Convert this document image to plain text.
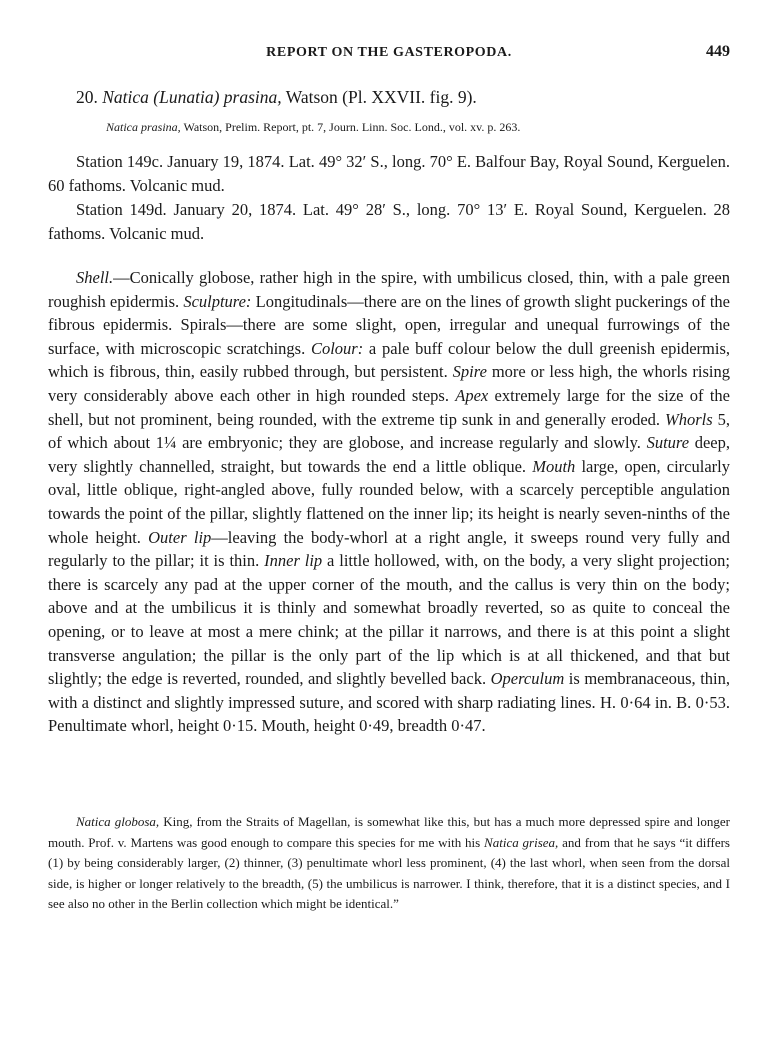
REPORT ON THE GASTEROPODA.	449
20. Natica (Lunatia) prasina, Watson (Pl. XXVII. fig. 9).
Natica prasina, Watson, Prelim. Report, pt. 7, Journ. Linn. Soc. Lond., vol. xv. p. 263.

Station 149c. January 19, 1874. Lat. 49° 32′ S., long. 70° E. Balfour Bay, Royal Sound, Kerguelen. 60 fathoms. Volcanic mud.

Station 149d. January 20, 1874. Lat. 49° 28′ S., long. 70° 13′ E. Royal Sound, Kerguelen. 28 fathoms. Volcanic mud.

Shell.—Conically globose, rather high in the spire, with umbilicus closed, thin, with a pale green roughish epidermis. Sculpture: Longitudinals—there are on the lines of growth slight puckerings of the fibrous epidermis. Spirals—there are some slight, open, irregular and unequal furrowings of the surface, with microscopic scratchings. Colour: a pale buff colour below the dull greenish epidermis, which is fibrous, thin, easily rubbed through, but persistent. Spire more or less high, the whorls rising very considerably above each other in high rounded steps. Apex extremely large for the size of the shell, but not prominent, being rounded, with the extreme tip sunk in and generally eroded. Whorls 5, of which about 1¼ are embryonic; they are globose, and increase regularly and slowly. Suture deep, very slightly channelled, straight, but towards the end a little oblique. Mouth large, open, circularly oval, little oblique, right-angled above, fully rounded below, with a scarcely perceptible angulation towards the point of the pillar, slightly flattened on the inner lip; its height is nearly seven-ninths of the whole height. Outer lip—leaving the body-whorl at a right angle, it sweeps round very fully and regularly to the pillar; it is thin. Inner lip a little hollowed, with, on the body, a very slight projection; there is scarcely any pad at the upper corner of the mouth, and the callus is very thin on the body; above and at the umbilicus it is thinly and somewhat broadly reverted, so as quite to conceal the opening, or to leave at most a mere chink; at the pillar it narrows, and there is at this point a slight transverse angulation; the pillar is the only part of the lip which is at all thickened, and that but slightly; the edge is reverted, rounded, and slightly bevelled back. Operculum is membranaceous, thin, with a distinct and slightly impressed suture, and scored with sharp radiating lines. H. 0·64 in. B. 0·53. Penultimate whorl, height 0·15. Mouth, height 0·49, breadth 0·47.

Natica globosa, King, from the Straits of Magellan, is somewhat like this, but has a much more depressed spire and longer mouth. Prof. v. Martens was good enough to compare this species for me with his Natica grisea, and from that he says “it differs (1) by being considerably larger, (2) thinner, (3) penultimate whorl less prominent, (4) the last whorl, when seen from the dorsal side, is higher or longer relatively to the breadth, (5) the umbilicus is narrower. I think, therefore, that it is a distinct species, and I see also no other in the Berlin collection which might be identical.”
